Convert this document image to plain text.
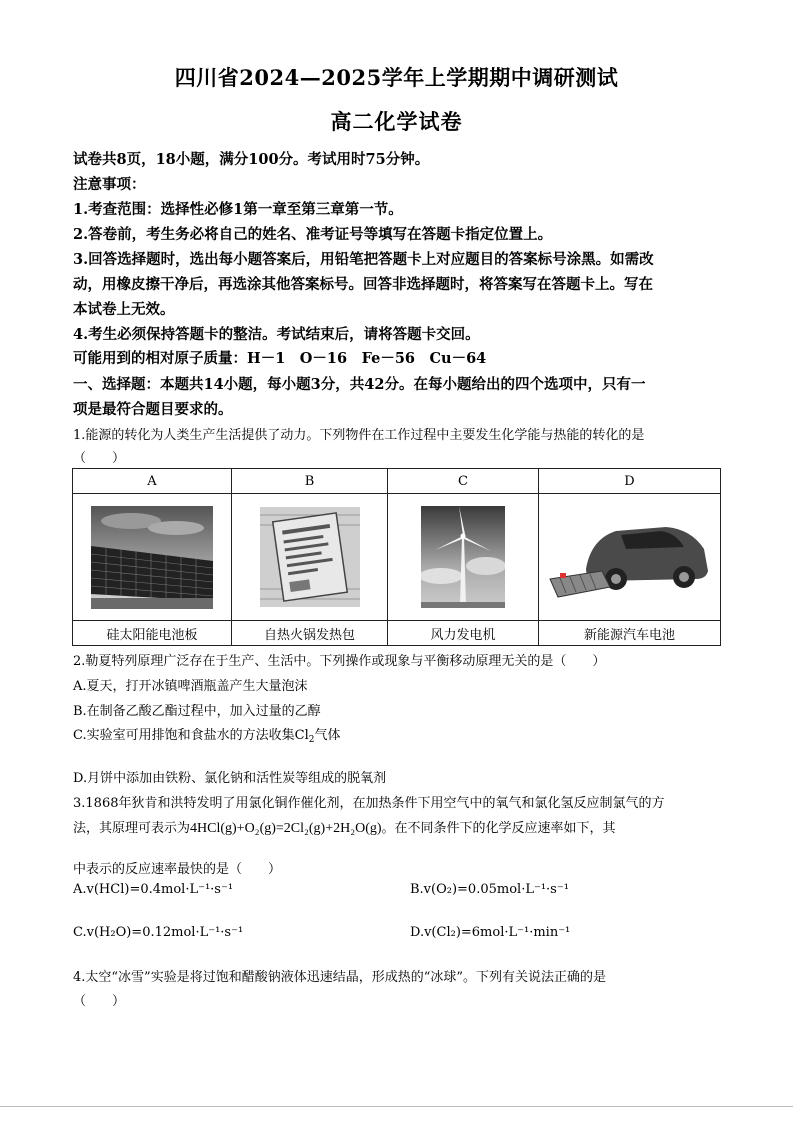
四川省2024—2025学年上学期期中调研测试
高二化学试卷
试卷共8页，18小题，满分100分。考试用时75分钟。
注意事项：
1.考查范围：选择性必修1第一章至第三章第一节。
2.答卷前，考生务必将自己的姓名、准考证号等填写在答题卡指定位置上。
3.回答选择题时，选出每小题答案后，用铅笔把答题卡上对应题目的答案标号涂黑。如需改
动，用橡皮擦干净后，再选涂其他答案标号。回答非选择题时，将答案写在答题卡上。写在
本试卷上无效。
4.考生必须保持答题卡的整洁。考试结束后，请将答题卡交回。
可能用到的相对原子质量：H－1　O－16　Fe－56　Cu－64
一、选择题：本题共14小题，每小题3分，共42分。在每小题给出的四个选项中，只有一
项是最符合题目要求的。
1.能源的转化为人类生产生活提供了动力。下列物件在工作过程中主要发生化学能与热能的转化的是
（　　）
A	B	C	D

硅太阳能电池板	自热火锅发热包	风力发电机	新能源汽车电池
2.勒夏特列原理广泛存在于生产、生活中。下列操作或现象与平衡移动原理无关的是（　　）
A.夏天，打开冰镇啤酒瓶盖产生大量泡沫
B.在制备乙酸乙酯过程中，加入过量的乙醇
C.实验室可用排饱和食盐水的方法收集$Cl_2$气体
D.月饼中添加由铁粉、氯化钠和活性炭等组成的脱氧剂
3.1868年狄肯和洪特发明了用氯化铜作催化剂，在加热条件下用空气中的氧气和氯化氢反应制氯气的方
法，其原理可表示为4HCl(g)+O₂(g)=2Cl₂(g)+2H₂O(g)。在不同条件下的化学反应速率如下，其
中表示的反应速率最快的是（　　）
A.v(HCl)=0.4mol·L⁻¹·s⁻¹	B.v(O₂)=0.05mol·L⁻¹·s⁻¹
C.v(H₂O)=0.12mol·L⁻¹·s⁻¹	D.v(Cl₂)=6mol·L⁻¹·min⁻¹
4.太空“冰雪”实验是将过饱和醋酸钠液体迅速结晶，形成热的“冰球”。下列有关说法正确的是
（　　）
